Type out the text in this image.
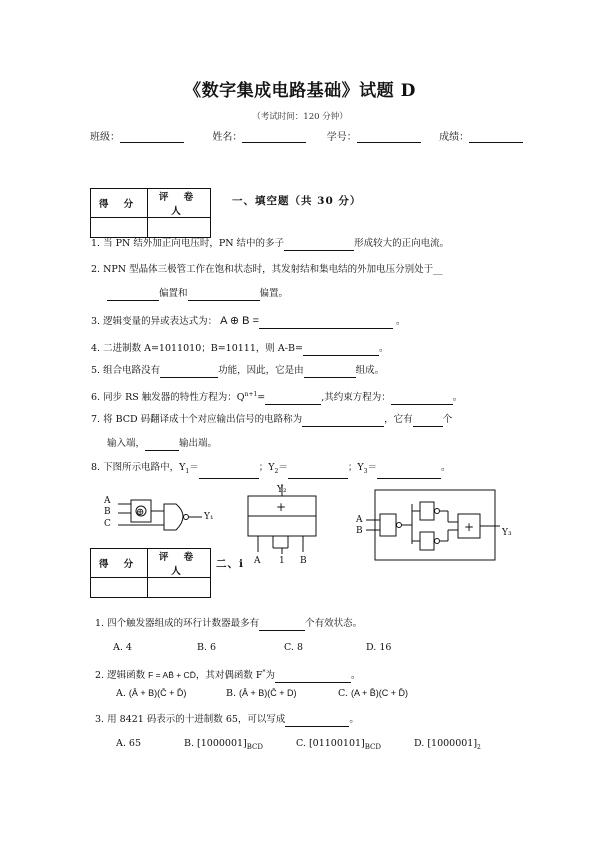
《数字集成电路基础》试题 D
（考试时间：120 分钟）
班级：	姓名：	学号：	成绩：
得 分	评 卷 人

一、填空题（共 30 分）
1. 当 PN 结外加正向电压时，PN 结中的多子	形成较大的正向电流。
2. NPN 型晶体三极管工作在饱和状态时，其发射结和集电结的外加电压分别处于__
偏置和	偏置。
3. 逻辑变量的异或表达式为： A ⊕ B =	。
4. 二进制数 A=1011010；B=10111，则 A-B=	。
5. 组合电路没有	功能，因此，它是由	组成。
6. 同步 RS 触发器的特性方程为：$Q^{n+1}=$	,其约束方程为：	。
7. 将 BCD 码翻译成十个对应输出信号的电路称为	，它有	个
输入端，	输出端。
8. 下图所示电路中，$Y_1=$	；$Y_2=$	；$Y_3=$	。
A
B
C
⊕	Y₁
Y₂
+
A 1 B
A
B	+	Y₃
得 分	评 卷 人

二、i
1. 四个触发器组成的环行计数器最多有	个有效状态。
A. 4	B. 6	C. 8	D. 16
2. 逻辑函数 F = AB̄ + CD̄，其对偶函数 F*为	。
A. (Ā + B)(C̄ + D̄)	B. (Ā + B)(C̄ + D)	C. (A + B̄)(C + D̄)
3. 用 8421 码表示的十进制数 65，可以写成	。
A. 65	B. $[1000001]_{BCD}$	C. $[01100101]_{BCD}$	D. $[1000001]_2$
